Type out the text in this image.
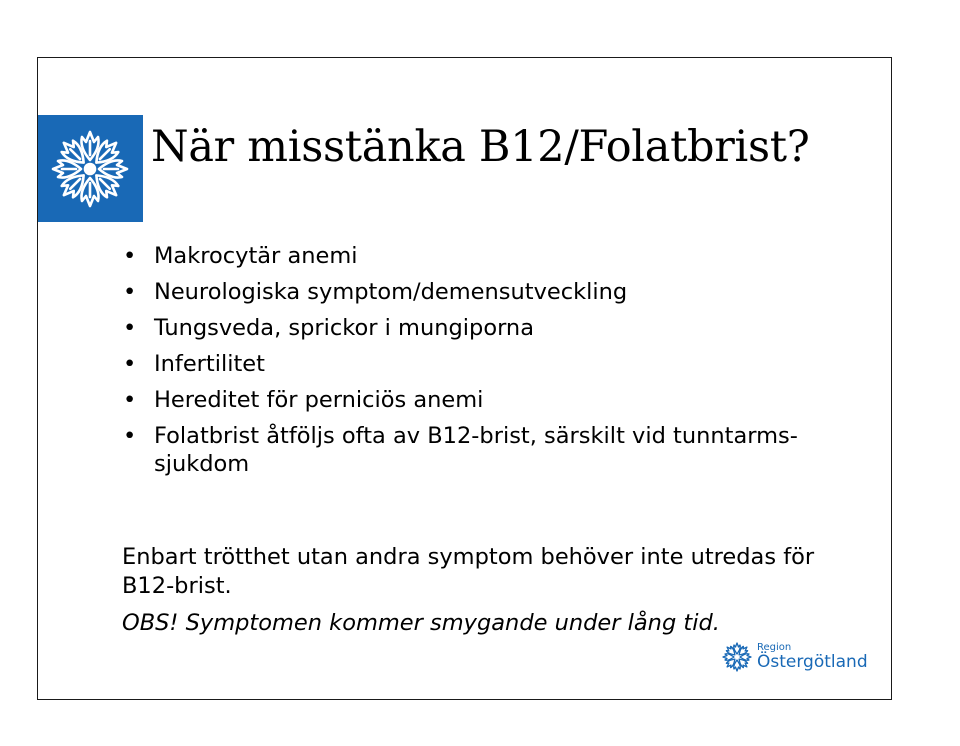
När misstänka B12/Folatbrist?
• Makrocytär anemi
• Neurologiska symptom/demensutveckling
• Tungsveda, sprickor i mungiporna
• Infertilitet
• Hereditet för perniciös anemi
• Folatbrist åtföljs ofta av B12-brist, särskilt vid tunntarms-sjukdom

Enbart trötthet utan andra symptom behöver inte utredas för B12-brist.

OBS! Symptomen kommer smygande under lång tid.

Region
Östergötland
